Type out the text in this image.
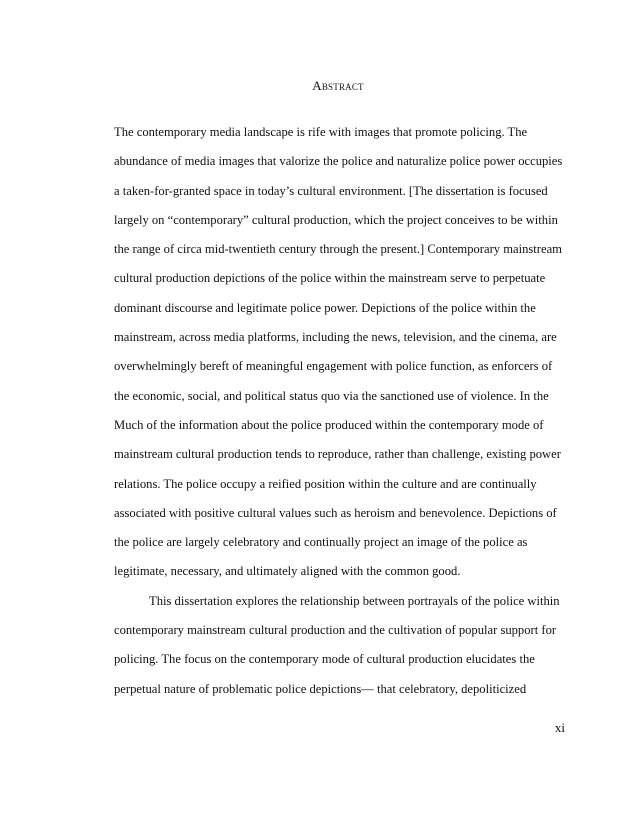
Abstract
The contemporary media landscape is rife with images that promote policing. The
abundance of media images that valorize the police and naturalize police power occupies
a taken-for-granted space in today’s cultural environment. [The dissertation is focused
largely on “contemporary” cultural production, which the project conceives to be within
the range of circa mid-twentieth century through the present.] Contemporary mainstream
cultural production depictions of the police within the mainstream serve to perpetuate
dominant discourse and legitimate police power. Depictions of the police within the
mainstream, across media platforms, including the news, television, and the cinema, are
overwhelmingly bereft of meaningful engagement with police function, as enforcers of
the economic, social, and political status quo via the sanctioned use of violence. In the
Much of the information about the police produced within the contemporary mode of
mainstream cultural production tends to reproduce, rather than challenge, existing power
relations. The police occupy a reified position within the culture and are continually
associated with positive cultural values such as heroism and benevolence. Depictions of
the police are largely celebratory and continually project an image of the police as
legitimate, necessary, and ultimately aligned with the common good.
This dissertation explores the relationship between portrayals of the police within
contemporary mainstream cultural production and the cultivation of popular support for
policing. The focus on the contemporary mode of cultural production elucidates the
perpetual nature of problematic police depictions— that celebratory, depoliticized
xi
